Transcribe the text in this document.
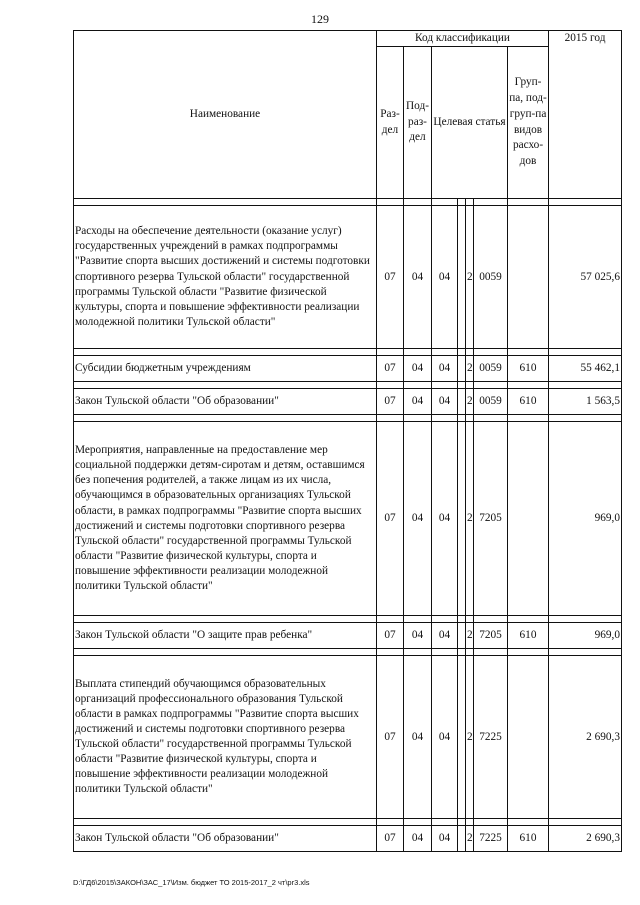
129
Наименование	Код классификации							2015 год
	Раз-дел	Под-раз-дел	Целевая статья				Груп-па, под-груп-па видов расхо-дов	

Расходы на обеспечение деятельности (оказание услуг) государственных учреждений в рамках подпрограммы "Развитие спорта высших достижений и системы подготовки спортивного резерва Тульской области" государственной программы Тульской области "Развитие физической культуры, спорта и повышение эффективности реализации молодежной политики Тульской области"	07	04	04		2	0059		57 025,6

Субсидии бюджетным учреждениям	07	04	04		2	0059	610	55 462,1

Закон Тульской области "Об образовании"	07	04	04		2	0059	610	1 563,5

Мероприятия, направленные на предоставление мер социальной поддержки детям-сиротам и детям, оставшимся без попечения родителей, а также лицам из их числа, обучающимся в образовательных организациях Тульской области, в рамках подпрограммы "Развитие спорта высших достижений и системы подготовки спортивного резерва Тульской области" государственной программы Тульской области "Развитие физической культуры, спорта и повышение эффективности реализации молодежной политики Тульской области"	07	04	04		2	7205		969,0

Закон Тульской области "О защите прав ребенка"	07	04	04		2	7205	610	969,0

Выплата стипендий обучающимся образовательных организаций профессионального образования Тульской области в рамках подпрограммы "Развитие спорта высших достижений и системы подготовки спортивного резерва Тульской области" государственной программы Тульской области "Развитие физической культуры, спорта и повышение эффективности реализации молодежной политики Тульской области"	07	04	04		2	7225		2 690,3

Закон Тульской области "Об образовании"	07	04	04		2	7225	610	2 690,3
D:\ГД6\2015\ЗАКОН\ЗАС_17\Изм. бюджет ТО 2015-2017_2 чт\pr3.xls
